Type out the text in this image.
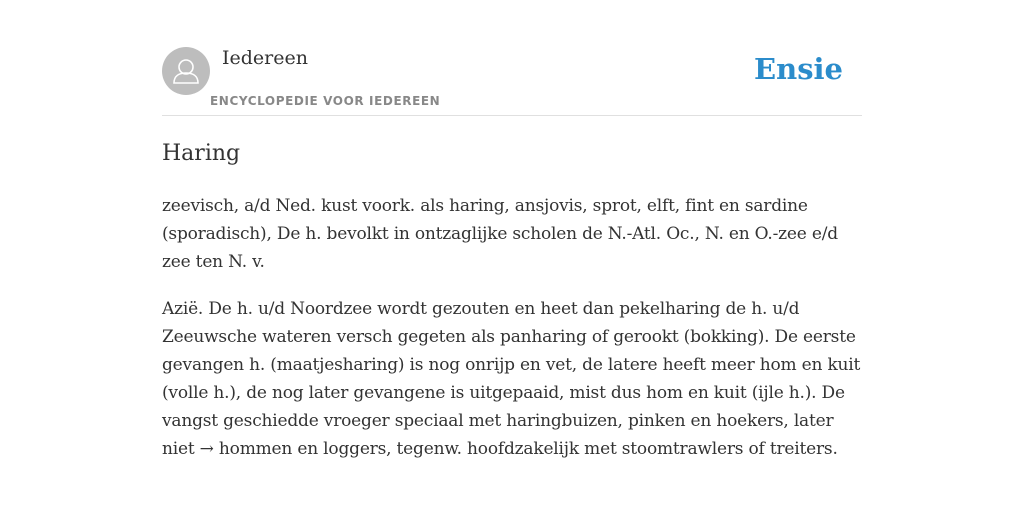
Iedereen
ENCYCLOPEDIE VOOR IEDEREEN
Ensie
Haring

zeevisch, a/d Ned. kust voork. als haring, ansjovis, sprot, elft, fint en sardine (sporadisch), De h. bevolkt in ontzaglijke scholen de N.-Atl. Oc., N. en O.-zee e/d zee ten N. v.

Azië. De h. u/d Noordzee wordt gezouten en heet dan pekelharing de h. u/d Zeeuwsche wateren versch gegeten als panharing of gerookt (bokking). De eerste gevangen h. (maatjesharing) is nog onrijp en vet, de latere heeft meer hom en kuit (volle h.), de nog later gevangene is uitgepaaid, mist dus hom en kuit (ijle h.). De vangst geschiedde vroeger speciaal met haringbuizen, pinken en hoekers, later niet → hommen en loggers, tegenw. hoofdzakelijk met stoomtrawlers of treiters.
